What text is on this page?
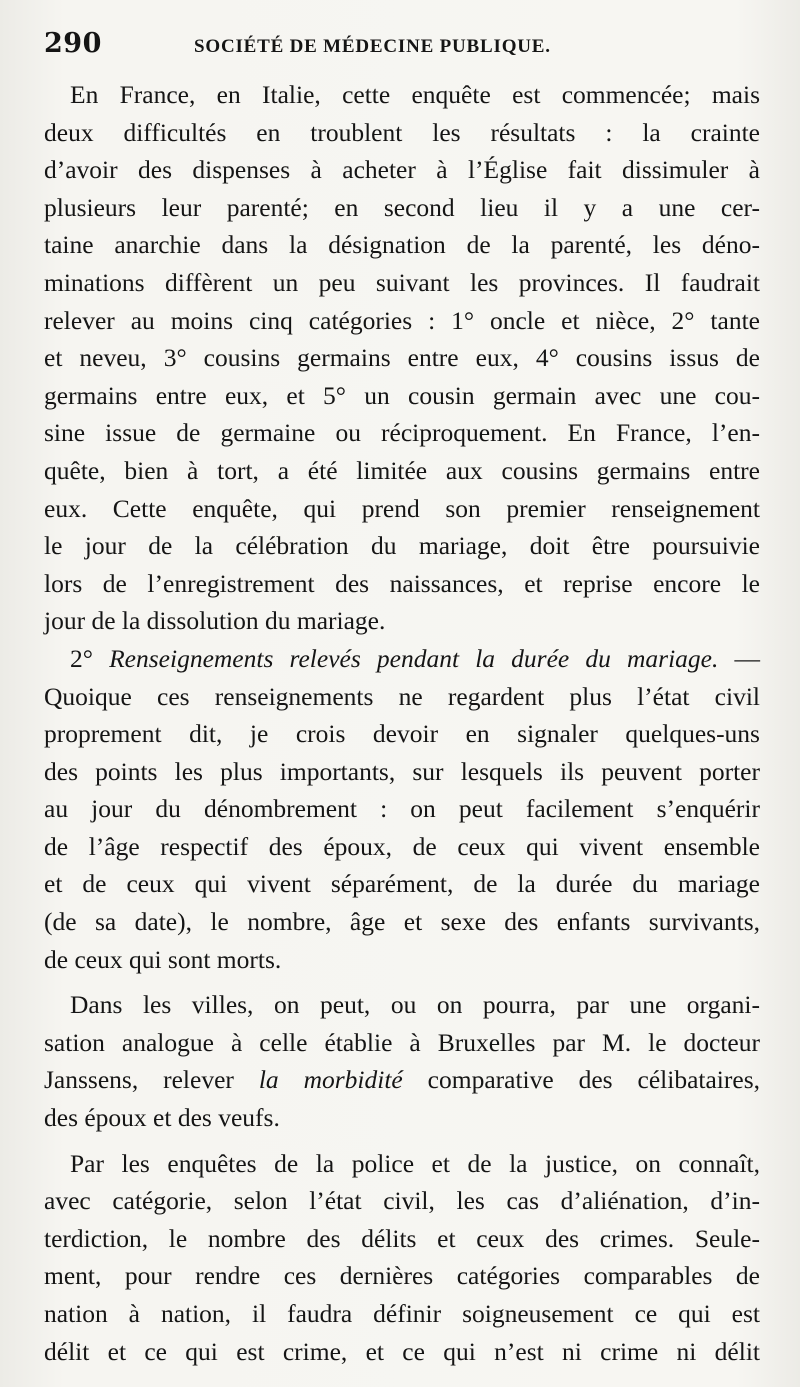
290	SOCIÉTÉ DE MÉDECINE PUBLIQUE.

En France, en Italie, cette enquête est commencée; mais
deux difficultés en troublent les résultats : la crainte
d’avoir des dispenses à acheter à l’Église fait dissimuler à
plusieurs leur parenté; en second lieu il y a une cer-
taine anarchie dans la désignation de la parenté, les déno-
minations diffèrent un peu suivant les provinces. Il faudrait
relever au moins cinq catégories : 1° oncle et nièce, 2° tante
et neveu, 3° cousins germains entre eux, 4° cousins issus de
germains entre eux, et 5° un cousin germain avec une cou-
sine issue de germaine ou réciproquement. En France, l’en-
quête, bien à tort, a été limitée aux cousins germains entre
eux. Cette enquête, qui prend son premier renseignement
le jour de la célébration du mariage, doit être poursuivie
lors de l’enregistrement des naissances, et reprise encore le
jour de la dissolution du mariage.

2° Renseignements relevés pendant la durée du mariage. —
Quoique ces renseignements ne regardent plus l’état civil
proprement dit, je crois devoir en signaler quelques-uns
des points les plus importants, sur lesquels ils peuvent porter
au jour du dénombrement : on peut facilement s’enquérir
de l’âge respectif des époux, de ceux qui vivent ensemble
et de ceux qui vivent séparément, de la durée du mariage
(de sa date), le nombre, âge et sexe des enfants survivants,
de ceux qui sont morts.

Dans les villes, on peut, ou on pourra, par une organi-
sation analogue à celle établie à Bruxelles par M. le docteur
Janssens, relever la morbidité comparative des célibataires,
des époux et des veufs.

Par les enquêtes de la police et de la justice, on connaît,
avec catégorie, selon l’état civil, les cas d’aliénation, d’in-
terdiction, le nombre des délits et ceux des crimes. Seule-
ment, pour rendre ces dernières catégories comparables de
nation à nation, il faudra définir soigneusement ce qui est
délit et ce qui est crime, et ce qui n’est ni crime ni délit
